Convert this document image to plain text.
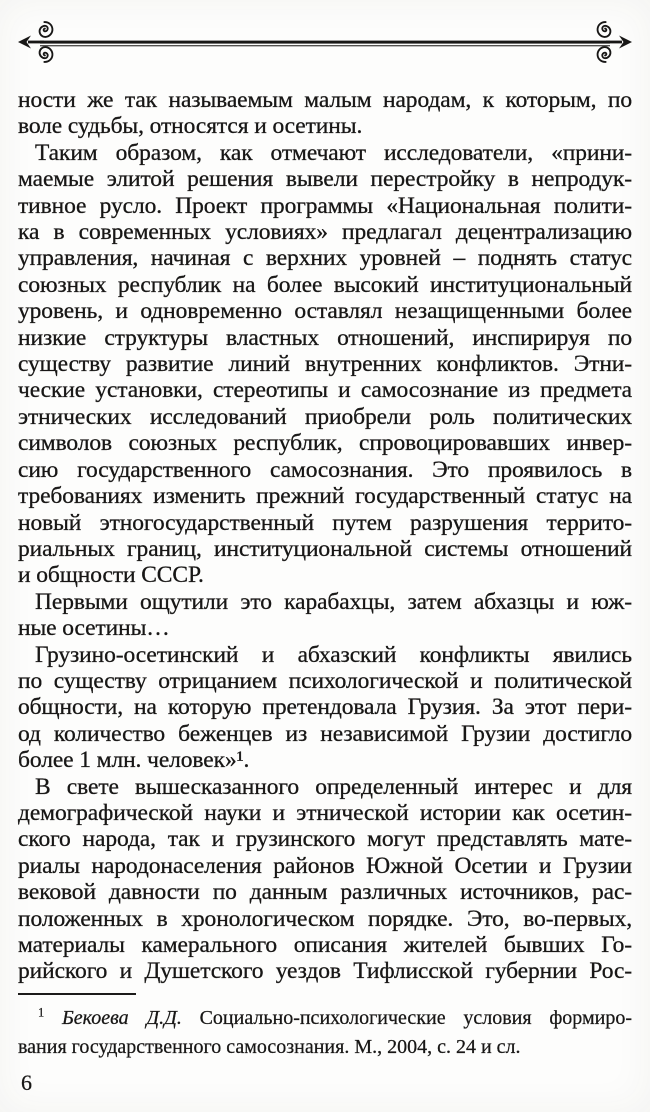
ности же так называемым малым народам, к которым, по
воле судьбы, относятся и осетины.
Таким образом, как отмечают исследователи, «прини-
маемые элитой решения вывели перестройку в непродук-
тивное русло. Проект программы «Национальная полити-
ка в современных условиях» предлагал децентрализацию
управления, начиная с верхних уровней – поднять статус
союзных республик на более высокий институциональный
уровень, и одновременно оставлял незащищенными более
низкие структуры властных отношений, инспирируя по
существу развитие линий внутренних конфликтов. Этни-
ческие установки, стереотипы и самосознание из предмета
этнических исследований приобрели роль политических
символов союзных республик, спровоцировавших инвер-
сию государственного самосознания. Это проявилось в
требованиях изменить прежний государственный статус на
новый этногосударственный путем разрушения террито-
риальных границ, институциональной системы отношений
и общности СССР.
Первыми ощутили это карабахцы, затем абхазцы и юж-
ные осетины…
Грузино-осетинский и абхазский конфликты явились
по существу отрицанием психологической и политической
общности, на которую претендовала Грузия. За этот пери-
од количество беженцев из независимой Грузии достигло
более 1 млн. человек»¹.
В свете вышесказанного определенный интерес и для
демографической науки и этнической истории как осетин-
ского народа, так и грузинского могут представлять мате-
риалы народонаселения районов Южной Осетии и Грузии
вековой давности по данным различных источников, рас-
положенных в хронологическом порядке. Это, во-первых,
материалы камерального описания жителей бывших Го-
рийского и Душетского уездов Тифлисской губернии Рос-
$^1$ Бекоева Д.Д. Социально-психологические условия формиро-
вания государственного самосознания. М., 2004, с. 24 и сл.
6
